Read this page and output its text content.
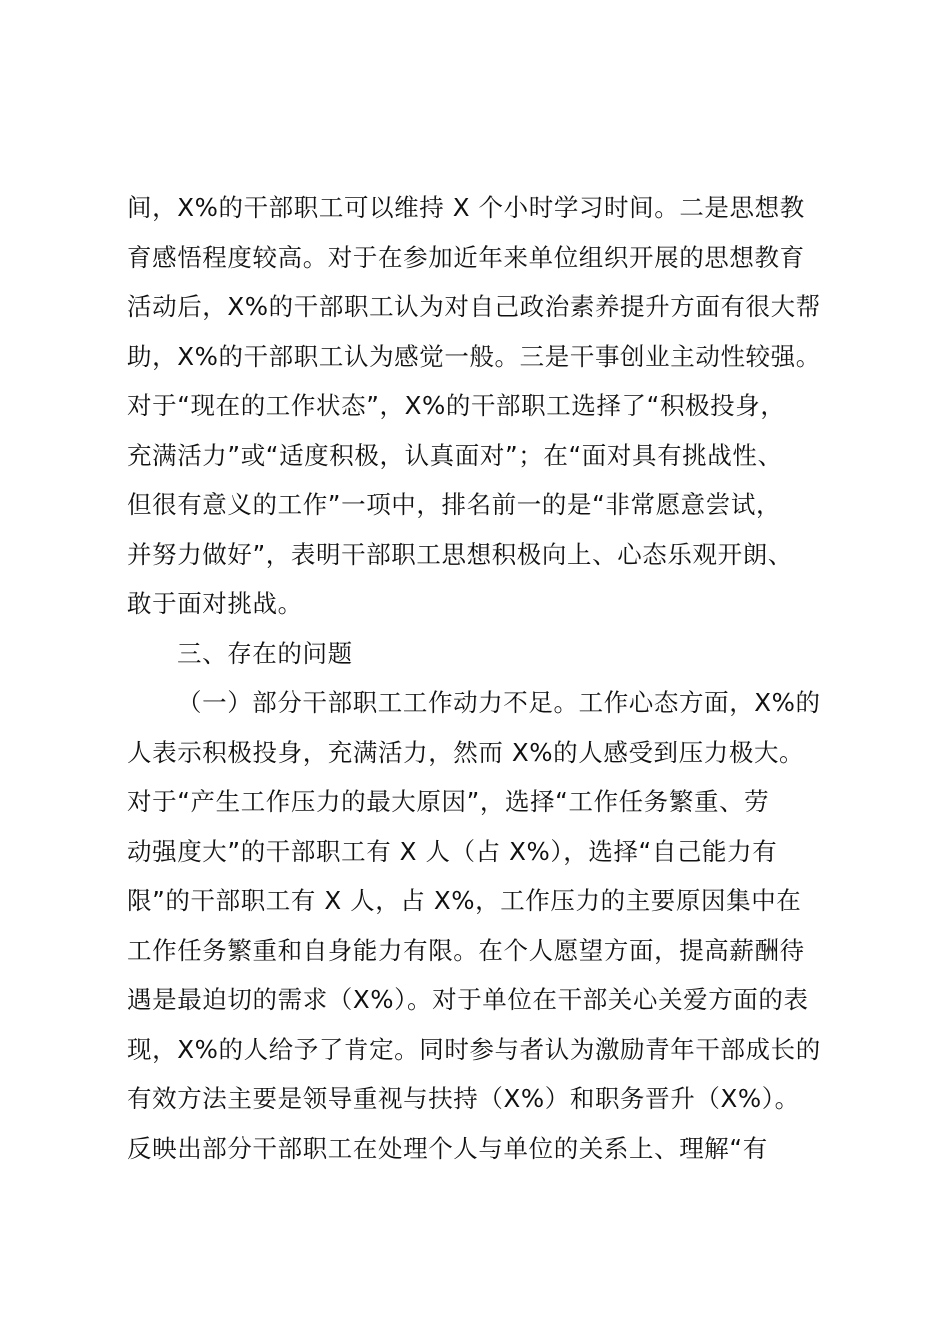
间，X%的干部职工可以维持 X 个小时学习时间。二是思想教
育感悟程度较高。对于在参加近年来单位组织开展的思想教育
活动后，X%的干部职工认为对自己政治素养提升方面有很大帮
助，X%的干部职工认为感觉一般。三是干事创业主动性较强。
对于“现在的工作状态”，X%的干部职工选择了“积极投身，
充满活力”或“适度积极，认真面对”；在“面对具有挑战性、
但很有意义的工作”一项中，排名前一的是“非常愿意尝试，
并努力做好”，表明干部职工思想积极向上、心态乐观开朗、
敢于面对挑战。
三、存在的问题
（一）部分干部职工工作动力不足。工作心态方面，X%的
人表示积极投身，充满活力，然而 X%的人感受到压力极大。
对于“产生工作压力的最大原因”，选择“工作任务繁重、劳
动强度大”的干部职工有 X 人（占 X%），选择“自己能力有
限”的干部职工有 X 人，占 X%，工作压力的主要原因集中在
工作任务繁重和自身能力有限。在个人愿望方面，提高薪酬待
遇是最迫切的需求（X%）。对于单位在干部关心关爱方面的表
现，X%的人给予了肯定。同时参与者认为激励青年干部成长的
有效方法主要是领导重视与扶持（X%）和职务晋升（X%）。
反映出部分干部职工在处理个人与单位的关系上、理解“有
